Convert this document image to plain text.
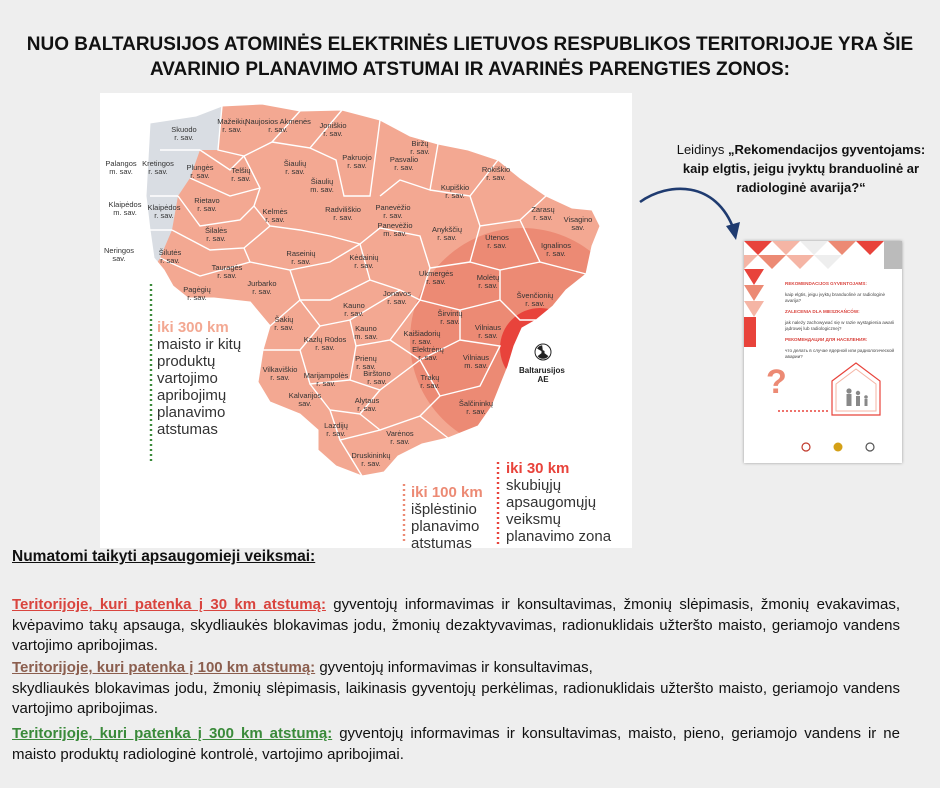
NUO BALTARUSIJOS ATOMINĖS ELEKTRINĖS LIETUVOS RESPUBLIKOS TERITORIJOJE YRA ŠIE
AVARINIO PLANAVIMO ATSTUMAI IR AVARINĖS PARENGTIES ZONOS:
Skuodo r. sav.
Mažeikių r. sav.
Naujosios Akmenės r. sav.	Joniškio r. sav.
Biržų r. sav.
Palangos m. sav.
Kretingos r. sav.	Plungės r. sav.
Telšių r. sav.
Šiaulių r. sav.
Pakruojo r. sav.
Pasvalio r. sav.	Rokiškio r. sav.
Šiaulių m. sav.	Kupiškio r. sav.
Klaipėdos m. sav.
Klaipėdos r. sav.
Rietavo r. sav.	Kelmės r. sav.
Radviliškio r. sav.
Panevėžio r. sav.
Zarasų r. sav. Visagino sav.
Šilalės r. sav.
Panevėžio m. sav.	Anykščių r. sav.	Utenos r. sav.	Ignalinos r. sav.
Neringos sav.
Šilutės r. sav.
Raseinių r. sav.	Kėdainių r. sav.
Tauragės r. sav.	Ukmergės r. sav.	Molėtų r. sav.
Pagėgių r. sav.
Jurbarko r. sav.	Jonavos r. sav.
Švenčionių r. sav.
Kauno r. sav.	Širvintų r. sav.
Šakių r. sav.	Kauno m. sav.	Kaišiadorių r. sav.
Vilniaus r. sav.
Kazlų Rūdos r. sav.	Elektrėnų r. sav.	Vilniaus m. sav.
Prienų r. sav.
Vilkaviškio r. sav.	Marijampolės r. sav.
Birštono r. sav.	Trakų r. sav.
Kalvarijos sav.	Alytaus r. sav.
Šalčininkų r. sav.
Lazdijų r. sav.	Varėnos r. sav.
Druskininkų r. sav.
Baltarusijos AE
iki 300 km
maisto ir kitų produktų vartojimo apribojimų planavimo atstumas
iki 100 km
išplėstinio planavimo atstumas
iki 30 km
skubiųjų apsaugomųjų veiksmų planavimo zona
Leidinys „Rekomendacijos gyventojams: kaip elgtis, jeigu įvyktų branduolinė ar radiologinė avarija?“
?
REKOMENDACIJOS GYVENTOJAMS:
kaip elgtis, jeigu įvyktų branduolinė ar radiologinė avarija?
ZALECENIA DLA MIESZKAŃCÓW:
jak należy zachowywać się w razie wystąpienia awarii jądrowej lub radiologicznej?
РЕКОМЕНДАЦИИ ДЛЯ НАСЕЛЕНИЯ:
что делать в случае ядерной или радиологической аварии?
Numatomi taikyti apsaugomieji veiksmai:
Teritorijoje, kuri patenka į 30 km atstumą: gyventojų informavimas ir konsultavimas, žmonių slėpimasis, žmonių evakavimas, kvėpavimo takų apsauga, skydliaukės blokavimas jodu, žmonių dezaktyvavimas, radionuklidais užteršto maisto, geriamojo vandens vartojimo apribojimas.
Teritorijoje, kuri patenka į 100 km atstumą: gyventojų informavimas ir konsultavimas,
skydliaukės blokavimas jodu, žmonių slėpimasis, laikinasis gyventojų perkėlimas, radionuklidais užteršto maisto, geriamojo vandens vartojimo apribojimas.
Teritorijoje, kuri patenka į 300 km atstumą: gyventojų informavimas ir konsultavimas, maisto, pieno, geriamojo vandens ir ne maisto produktų radiologinė kontrolė, vartojimo apribojimai.
